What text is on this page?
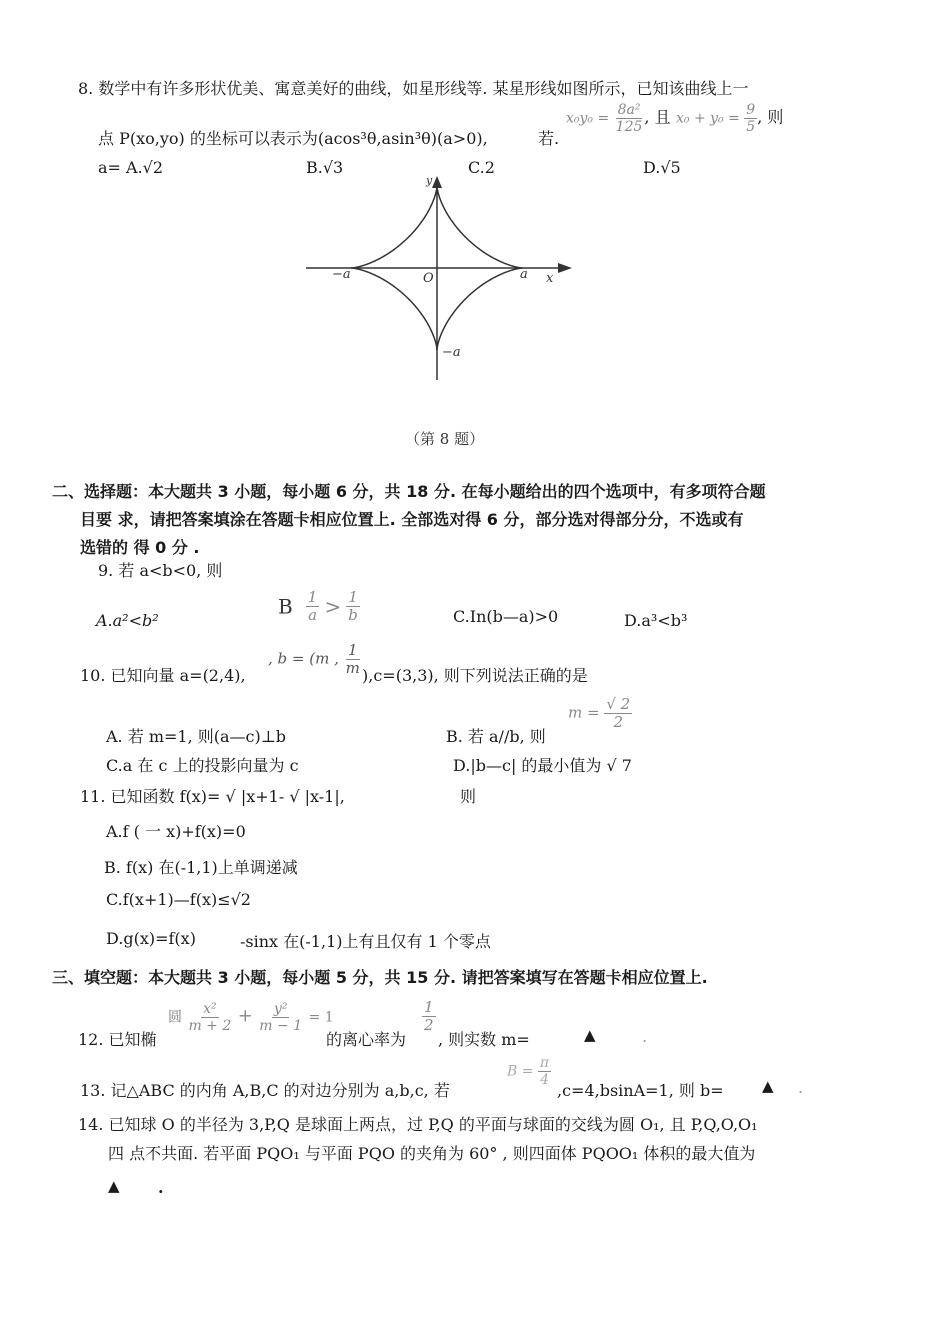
8. 数学中有许多形状优美、寓意美好的曲线，如星形线等. 某星形线如图所示，已知该曲线上一
点 P(xo,yo) 的坐标可以表示为(acos³θ,asin³θ)(a>0),	若.
$x_0y_0 = \frac{\text{8a²}}{125}$ , 且 $x_0 + y_0 = \frac{9}{5}$ , 则
a= A.√2	B.√3	C.2	D.√5
−a	O	a x
−a
y
（第 8 题）
二、选择题：本大题共 3 小题，每小题 6 分，共 18 分. 在每小题给出的四个选项中，有多项符合题
目要 求，请把答案填涂在答题卡相应位置上. 全部选对得 6 分，部分选对得部分分，不选或有
选错的 得 0 分 .
9. 若 a<b<0, 则
A.a²<b²
B $\frac{1}{a} > \frac{1}{b}$	C.In(b—a)>0	D.a³<b³
10. 已知向量 a=(2,4),
, b = (m , $\frac{1}{m} ),c=(3,3)$, 则下列说法正确的是
A. 若 m=1, 则(a—c)⊥b	B. 若 a//b, 则
$m = \frac{√ 2}{2}$
C.a 在 c 上的投影向量为 c	D.|b—c| 的最小值为 √ 7
11. 已知函数 f(x)= √ |x+1- √ |x-1|,	则
A.f ( 一 x)+f(x)=0
B. f(x) 在(-1,1)上单调递减
C.f(x+1)—f(x)≤√2
D.g(x)=f(x)	-sinx 在(-1,1)上有且仅有 1 个零点
三、填空题：本大题共 3 小题，每小题 5 分，共 15 分. 请把答案填写在答题卡相应位置上.
12. 已知椭
圆 $\frac{\text{x²}}{m + 2} + \frac{\text{y²}}{m - 1} = 1$
的离心率为
$\frac{1}{2}$
, 则实数 m=	▲	.
13. 记△ABC 的内角 A,B,C 的对边分别为 a,b,c, 若
$B = \frac{\pi}{4}$
,c=4,bsinA=1, 则 b=	▲ .
14. 已知球 O 的半径为 3,P,Q 是球面上两点，过 P,Q 的平面与球面的交线为圆 O₁, 且 P,Q,O,O₁
四 点不共面. 若平面 PQO₁ 与平面 PQO 的夹角为 60° , 则四面体 PQOO₁ 体积的最大值为
▲ .
